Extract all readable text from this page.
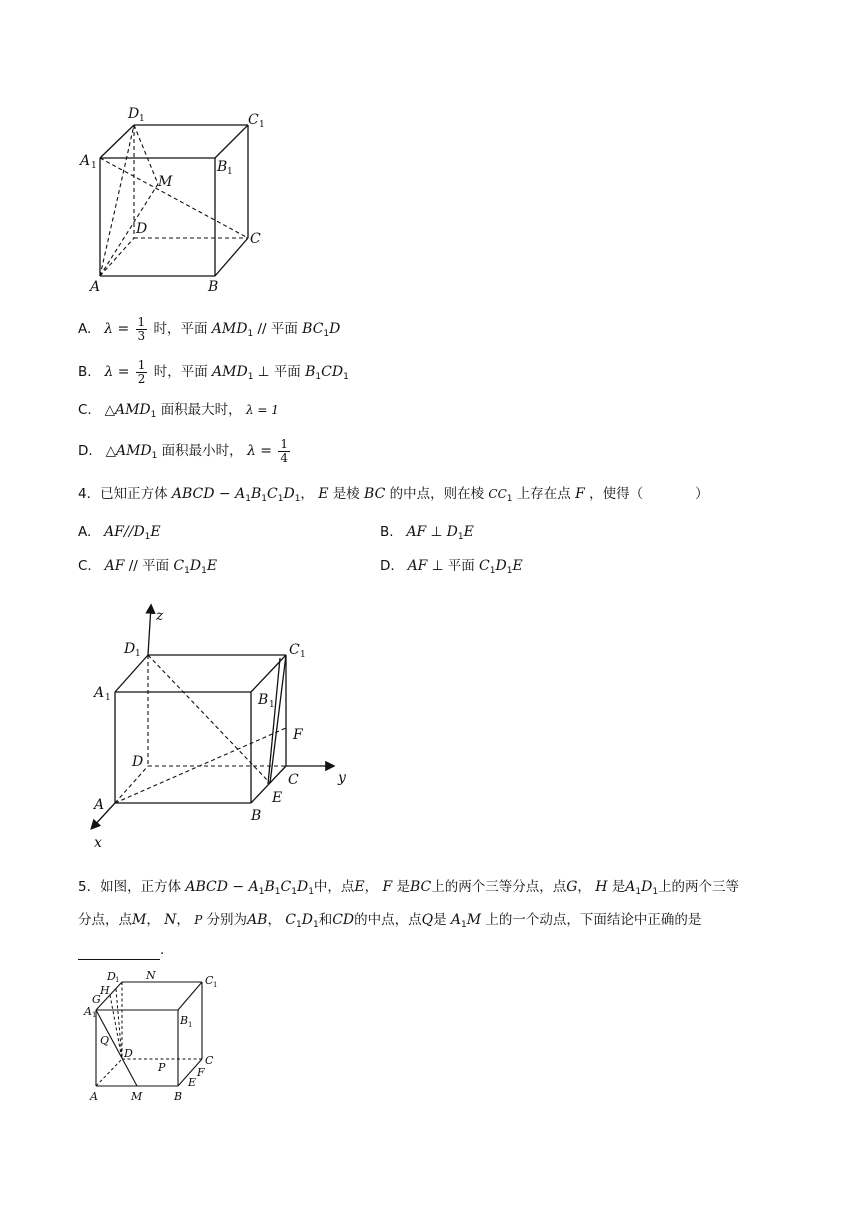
D 1	C 1
A 1	B 1
M
D
C
A	B
A. $\lambda = \frac{1}{3}$ 时，平面 $AMD_1$ // 平面 $BC_1D$
B. $\lambda = \frac{1}{2}$ 时，平面 $AMD_1$ ⊥ 平面 $B_1CD_1$
C. $\triangle AMD_1$ 面积最大时， λ = 1
D. $\triangle AMD_1$ 面积最小时， $\lambda = \frac{1}{4}$
4．已知正方体 ABCD − $A_1B_1C_1D_1$， E 是棱 BC 的中点，则在棱 $CC_1$ 上存在点 F ，使得（	）
A. $AF//D_1E$	B. AF ⊥ $D_1E$
C. AF // 平面 $C_1D_1E$	D. AF ⊥ 平面 $C_1D_1E$
z
y
x
D 1	C 1
A 1	B 1
F
D
C
E
A
B
5．如图，正方体 ABCD − $A_1B_1C_1D_1$中，点E， F 是BC上的两个三等分点，点G， H 是$A_1D_1$上的两个三等
分点，点M， N， P 分别为AB， $C_1D_1$和CD的中点，点Q是 $A_1M$ 上的一个动点，下面结论中正确的是
.
D 1 N	C 1
H
G
A 1	B 1
Q
D
C
P	F
E
A	M	B
